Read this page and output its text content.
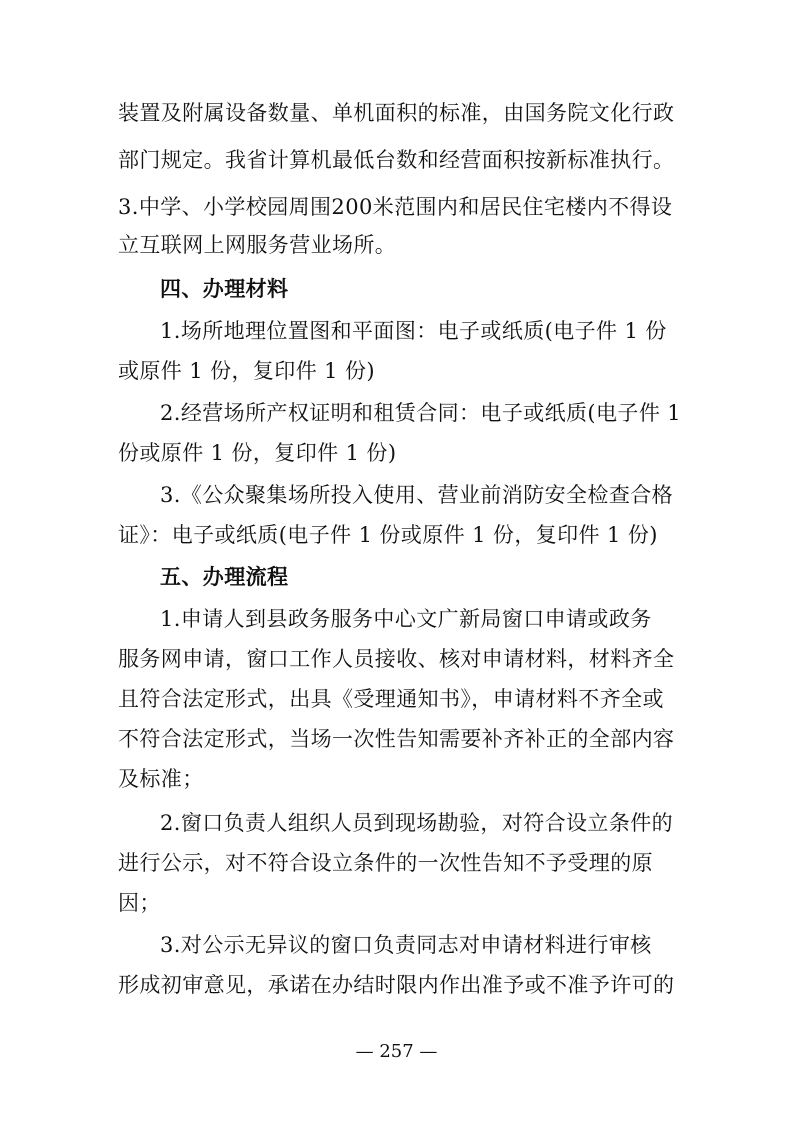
装置及附属设备数量、单机面积的标准，由国务院文化行政
部门规定。我省计算机最低台数和经营面积按新标准执行。
3.中学、小学校园周围200米范围内和居民住宅楼内不得设
立互联网上网服务营业场所。
四、办理材料
1.场所地理位置图和平面图：电子或纸质(电子件 1 份
或原件 1 份，复印件 1 份)
2.经营场所产权证明和租赁合同：电子或纸质(电子件 1
份或原件 1 份，复印件 1 份)
3.《公众聚集场所投入使用、营业前消防安全检查合格
证》：电子或纸质(电子件 1 份或原件 1 份，复印件 1 份)
五、办理流程
1.申请人到县政务服务中心文广新局窗口申请或政务
服务网申请，窗口工作人员接收、核对申请材料，材料齐全
且符合法定形式，出具《受理通知书》，申请材料不齐全或
不符合法定形式，当场一次性告知需要补齐补正的全部内容
及标准；
2.窗口负责人组织人员到现场勘验，对符合设立条件的
进行公示，对不符合设立条件的一次性告知不予受理的原
因；
3.对公示无异议的窗口负责同志对申请材料进行审核
形成初审意见，承诺在办结时限内作出准予或不准予许可的
— 257 —
